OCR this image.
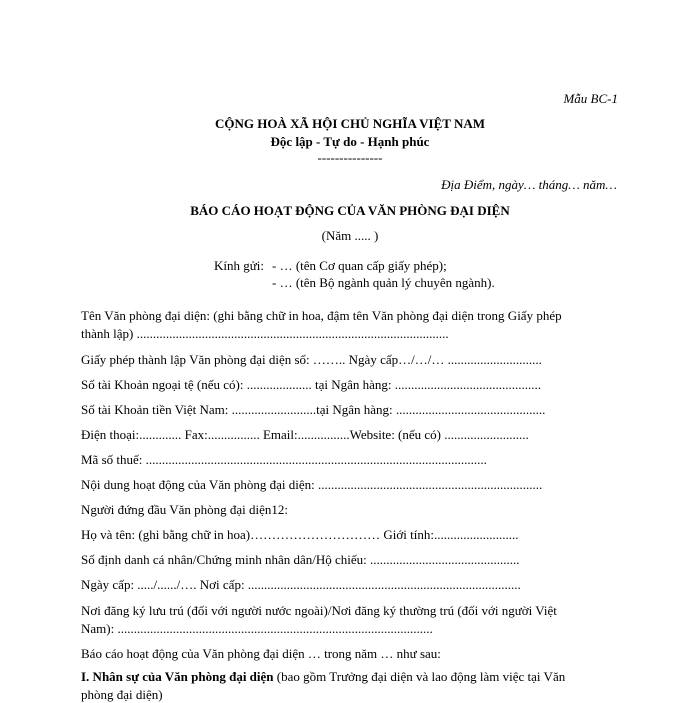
Mẫu BC-1
CỘNG HOÀ XÃ HỘI CHỦ NGHĨA VIỆT NAM
Độc lập - Tự do - Hạnh phúc
---------------
Địa Điểm, ngày… tháng… năm…
BÁO CÁO HOẠT ĐỘNG CỦA VĂN PHÒNG ĐẠI DIỆN
(Năm ..... )
Kính gửi: - … (tên Cơ quan cấp giấy phép);
- … (tên Bộ ngành quản lý chuyên ngành).
Tên Văn phòng đại diện: (ghi bằng chữ in hoa, đậm tên Văn phòng đại diện trong Giấy phép
thành lập) ................................................................................................
Giấy phép thành lập Văn phòng đại diện số: …….. Ngày cấp…/…/… .............................
Số tài Khoản ngoại tệ (nếu có): .................... tại Ngân hàng: .............................................
Số tài Khoản tiền Việt Nam: ..........................tại Ngân hàng: ..............................................
Điện thoại:............. Fax:................ Email:................Website: (nếu có) ..........................
Mã số thuế: .........................................................................................................
Nội dung hoạt động của Văn phòng đại diện: .....................................................................
Người đứng đầu Văn phòng đại diện12:
Họ và tên: (ghi bằng chữ in hoa)………………………… Giới tính:..........................
Số định danh cá nhân/Chứng minh nhân dân/Hộ chiếu: ..............................................
Ngày cấp: ...../....../…. Nơi cấp: ....................................................................................
Nơi đăng ký lưu trú (đối với người nước ngoài)/Nơi đăng ký thường trú (đối với người Việt
Nam): .................................................................................................
Báo cáo hoạt động của Văn phòng đại diện … trong năm … như sau:
I. Nhân sự của Văn phòng đại diện (bao gồm Trưởng đại diện và lao động làm việc tại Văn
phòng đại diện)
